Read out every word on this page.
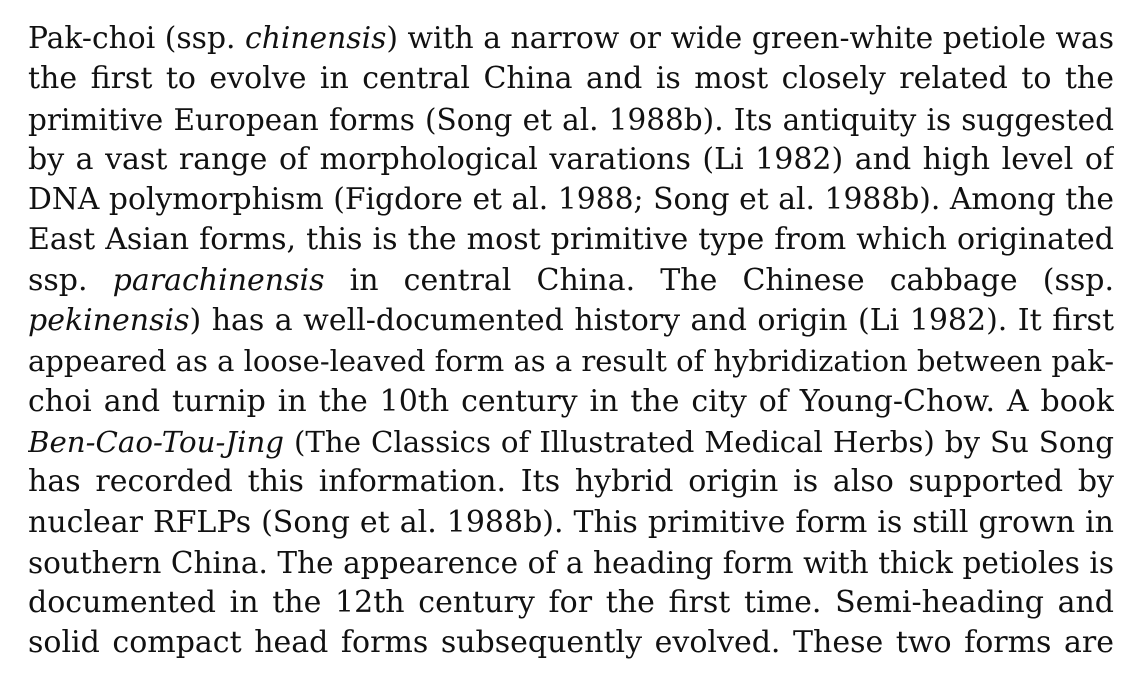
Pak-choi (ssp. chinensis) with a narrow or wide green-white petiole was
the first to evolve in central China and is most closely related to the
primitive European forms (Song et al. 1988b). Its antiquity is suggested
by a vast range of morphological varations (Li 1982) and high level of
DNA polymorphism (Figdore et al. 1988; Song et al. 1988b). Among the
East Asian forms, this is the most primitive type from which originated
ssp. parachinensis in central China. The Chinese cabbage (ssp.
pekinensis) has a well-documented history and origin (Li 1982). It first
appeared as a loose-leaved form as a result of hybridization between pak-
choi and turnip in the 10th century in the city of Young-Chow. A book
Ben-Cao-Tou-Jing (The Classics of Illustrated Medical Herbs) by Su Song
has recorded this information. Its hybrid origin is also supported by
nuclear RFLPs (Song et al. 1988b). This primitive form is still grown in
southern China. The appearence of a heading form with thick petioles is
documented in the 12th century for the first time. Semi-heading and
solid compact head forms subsequently evolved. These two forms are
